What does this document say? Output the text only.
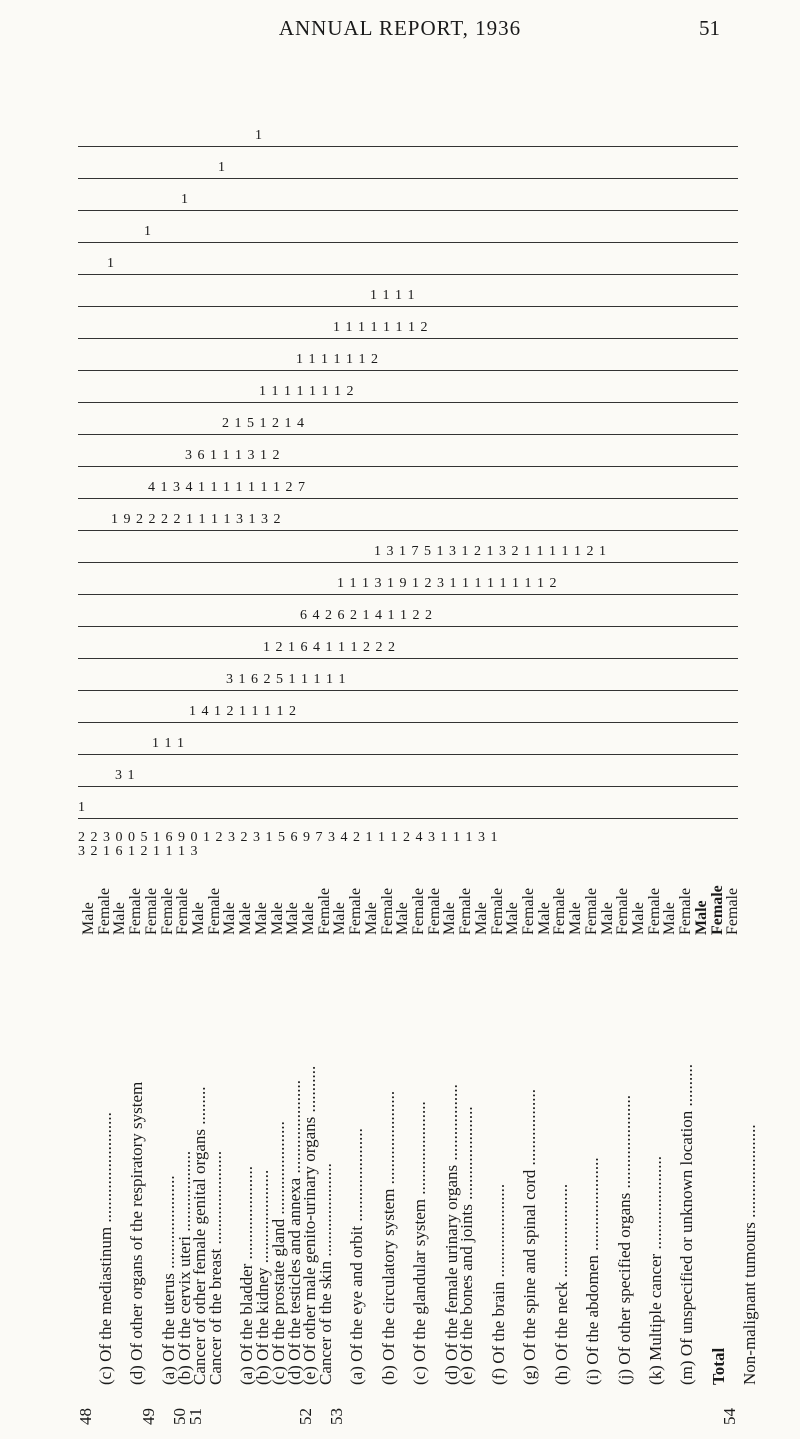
ANNUAL REPORT, 1936	51
48
(c) Of the mediastinum .......................... (d) Of other organs of the respiratory system
49
(a) Of the uterus ......................
(b) Of the cervix uteri ...................
50
Cancer of other female genital organs .........
51
Cancer of the breast ...................... (a) Of the bladder ......................
(b) Of the kidney ......................
(c) Of the prostate gland ......................
(d) Of the testicles and annexa ......................
(e) Of other male genito-urinary organs ...........
52
Cancer of the skin ......................
53
(a) Of the eye and orbit ...................... (b) Of the circulatory system ...................... (c) Of the glandular system ...................... (d) Of the female urinary organs ..................
(e) Of the bones and joints ...................... (f) Of the brain ...................... (g) Of the spine and spinal cord .................. (h) Of the neck ...................... (i) Of the abdomen ...................... (j) Of other specified organs ...................... (k) Multiple cancer ...................... (m) Of unspecified or unknown location .......... Total
54
Non-malignant tumours ......................
Male
Female
Male
Female
Female
Female
Female
Male
Female
Male
Male
Male
Male
Male
Male
Female
Male
Female
Male
Female
Male
Female
Female
Male
Female
Male
Female
Male
Female
Male
Female
Male
Female
Male
Female
Male
Female
Male
Female
Male
Female
Female
2 2 3 0 0 5 1 6 9 0 1 2 3 2 3 1 5 6 9 7 3 4 2 1 1 1 2 4 3 1 1 1 3 1
3 2 1 6 1 2 1 1 1 3
1
3 1
1 1 1
1 4 1 2 1 1 1 1 2
3 1 6 2 5 1 1 1 1 1
1 2 1 6 4 1 1 1 2 2 2
6 4 2 6 2 1 4 1 1 2 2
1 1 1 3 1 9 1 2 3 1 1 1 1 1 1 1 1 2
1 3 1 7 5 1 3 1 2 1 3 2 1 1 1 1 1 2 1
1 9 2 2 2 2 1 1 1 1 3 1 3 2
4 1 3 4 1 1 1 1 1 1 1 2 7
3 6 1 1 1 3 1 2
2 1 5 1 2 1 4
1 1 1 1 1 1 1 2
1 1 1 1 1 1 2
1 1 1 1 1 1 1 2
1 1 1 1
1
1
1
1
1
